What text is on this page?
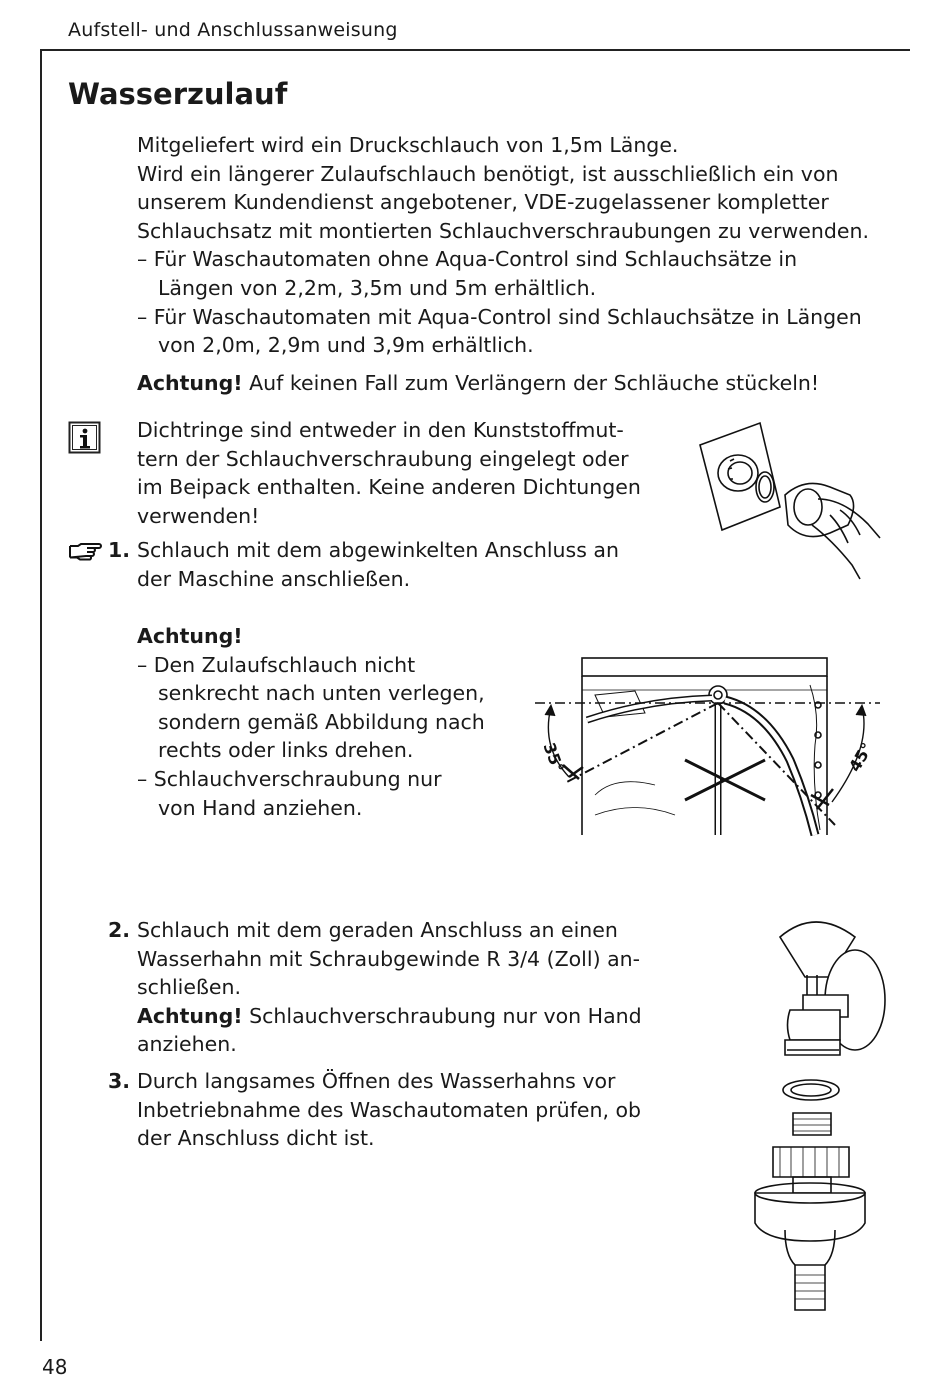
Aufstell- und Anschlussanweisung
Wasserzulauf
Mitgeliefert wird ein Druckschlauch von 1,5m Länge.
Wird ein längerer Zulaufschlauch benötigt, ist ausschließlich ein von
unserem Kundendienst angebotener, VDE-zugelassener kompletter
Schlauchsatz mit montierten Schlauchverschraubungen zu verwenden.
– Für Waschautomaten ohne Aqua-Control sind Schlauchsätze in
Längen von 2,2m, 3,5m und 5m erhältlich.
– Für Waschautomaten mit Aqua-Control sind Schlauchsätze in Längen
von 2,0m, 2,9m und 3,9m erhältlich.
Achtung! Auf keinen Fall zum Verlängern der Schläuche stückeln!
Dichtringe sind entweder in den Kunststoffmut-
tern der Schlauchverschraubung eingelegt oder
im Beipack enthalten. Keine anderen Dichtungen
verwenden!
1. Schlauch mit dem abgewinkelten Anschluss an
der Maschine anschließen.
Achtung!
– Den Zulaufschlauch nicht
senkrecht nach unten verlegen,
sondern gemäß Abbildung nach
rechts oder links drehen.
– Schlauchverschraubung nur
von Hand anziehen.
2. Schlauch mit dem geraden Anschluss an einen
Wasserhahn mit Schraubgewinde R 3/4 (Zoll) an-
schließen.
Achtung! Schlauchverschraubung nur von Hand
anziehen.
3. Durch langsames Öffnen des Wasserhahns vor
Inbetriebnahme des Waschautomaten prüfen, ob
der Anschluss dicht ist.
35°	45°
48
